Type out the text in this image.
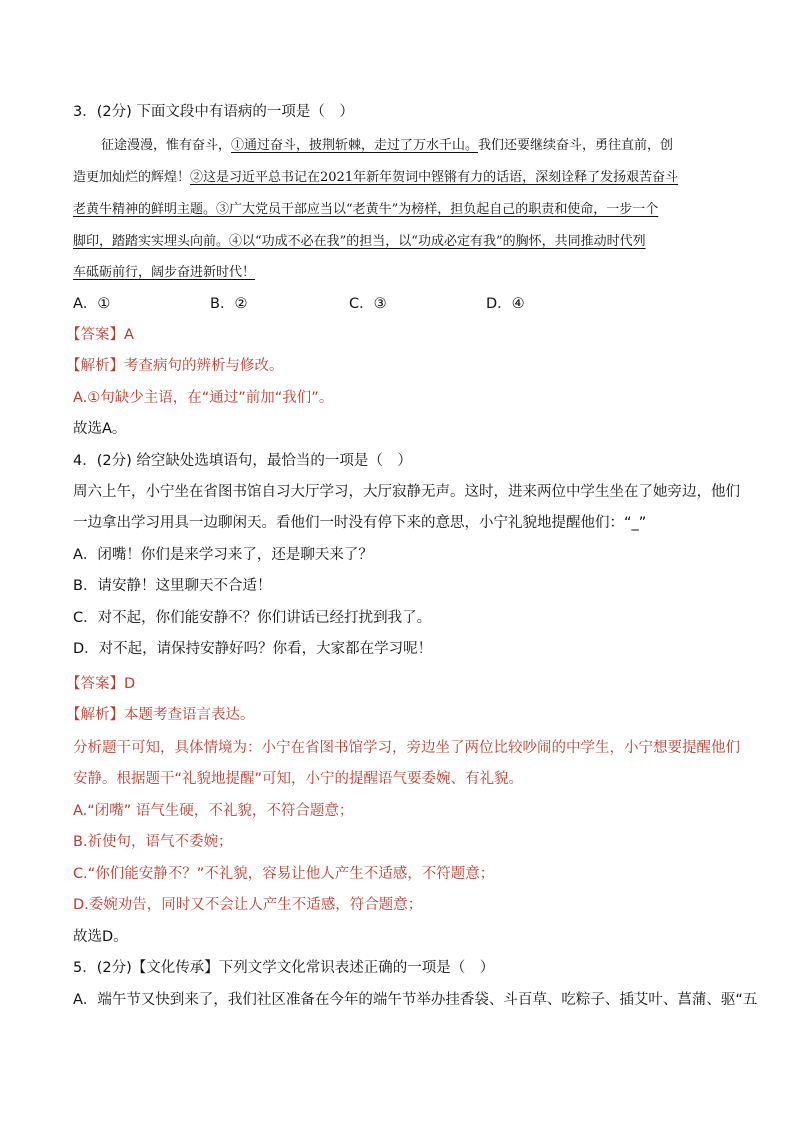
3．(2分) 下面文段中有语病的一项是（　）
征途漫漫，惟有奋斗，①通过奋斗，披荆斩棘，走过了万水千山。我们还要继续奋斗，勇往直前，创
造更加灿烂的辉煌！②这是习近平总书记在2021年新年贺词中铿锵有力的话语，深刻诠释了发扬艰苦奋斗
老黄牛精神的鲜明主题。③广大党员干部应当以“老黄牛”为榜样，担负起自己的职责和使命，一步一个
脚印，踏踏实实埋头向前。④以“功成不必在我”的担当，以“功成必定有我”的胸怀，共同推动时代列
车砥砺前行，阔步奋进新时代！
A．①	B．②	C．③	D．④
【答案】A
【解析】考查病句的辨析与修改。
A.①句缺少主语，在“通过”前加“我们”。
故选A。
4．(2分) 给空缺处选填语句，最恰当的一项是（　）
周六上午，小宁坐在省图书馆自习大厅学习，大厅寂静无声。这时，进来两位中学生坐在了她旁边，他们
一边拿出学习用具一边聊闲天。看他们一时没有停下来的意思，小宁礼貌地提醒他们：“_”
A．闭嘴！你们是来学习来了，还是聊天来了？
B．请安静！这里聊天不合适！
C．对不起，你们能安静不？你们讲话已经打扰到我了。
D．对不起，请保持安静好吗？你看，大家都在学习呢！
【答案】D
【解析】本题考查语言表达。
分析题干可知，具体情境为：小宁在省图书馆学习，旁边坐了两位比较吵闹的中学生，小宁想要提醒他们
安静。根据题干“礼貌地提醒”可知，小宁的提醒语气要委婉、有礼貌。
A.“闭嘴” 语气生硬，不礼貌，不符合题意；
B.祈使句，语气不委婉；
C.“你们能安静不？”不礼貌，容易让他人产生不适感，不符题意；
D.委婉劝告，同时又不会让人产生不适感，符合题意；
故选D。
5．(2分)【文化传承】下列文学文化常识表述正确的一项是（　）
A．端午节又快到来了，我们社区准备在今年的端午节举办挂香袋、斗百草、吃粽子、插艾叶、菖蒲、驱“五
